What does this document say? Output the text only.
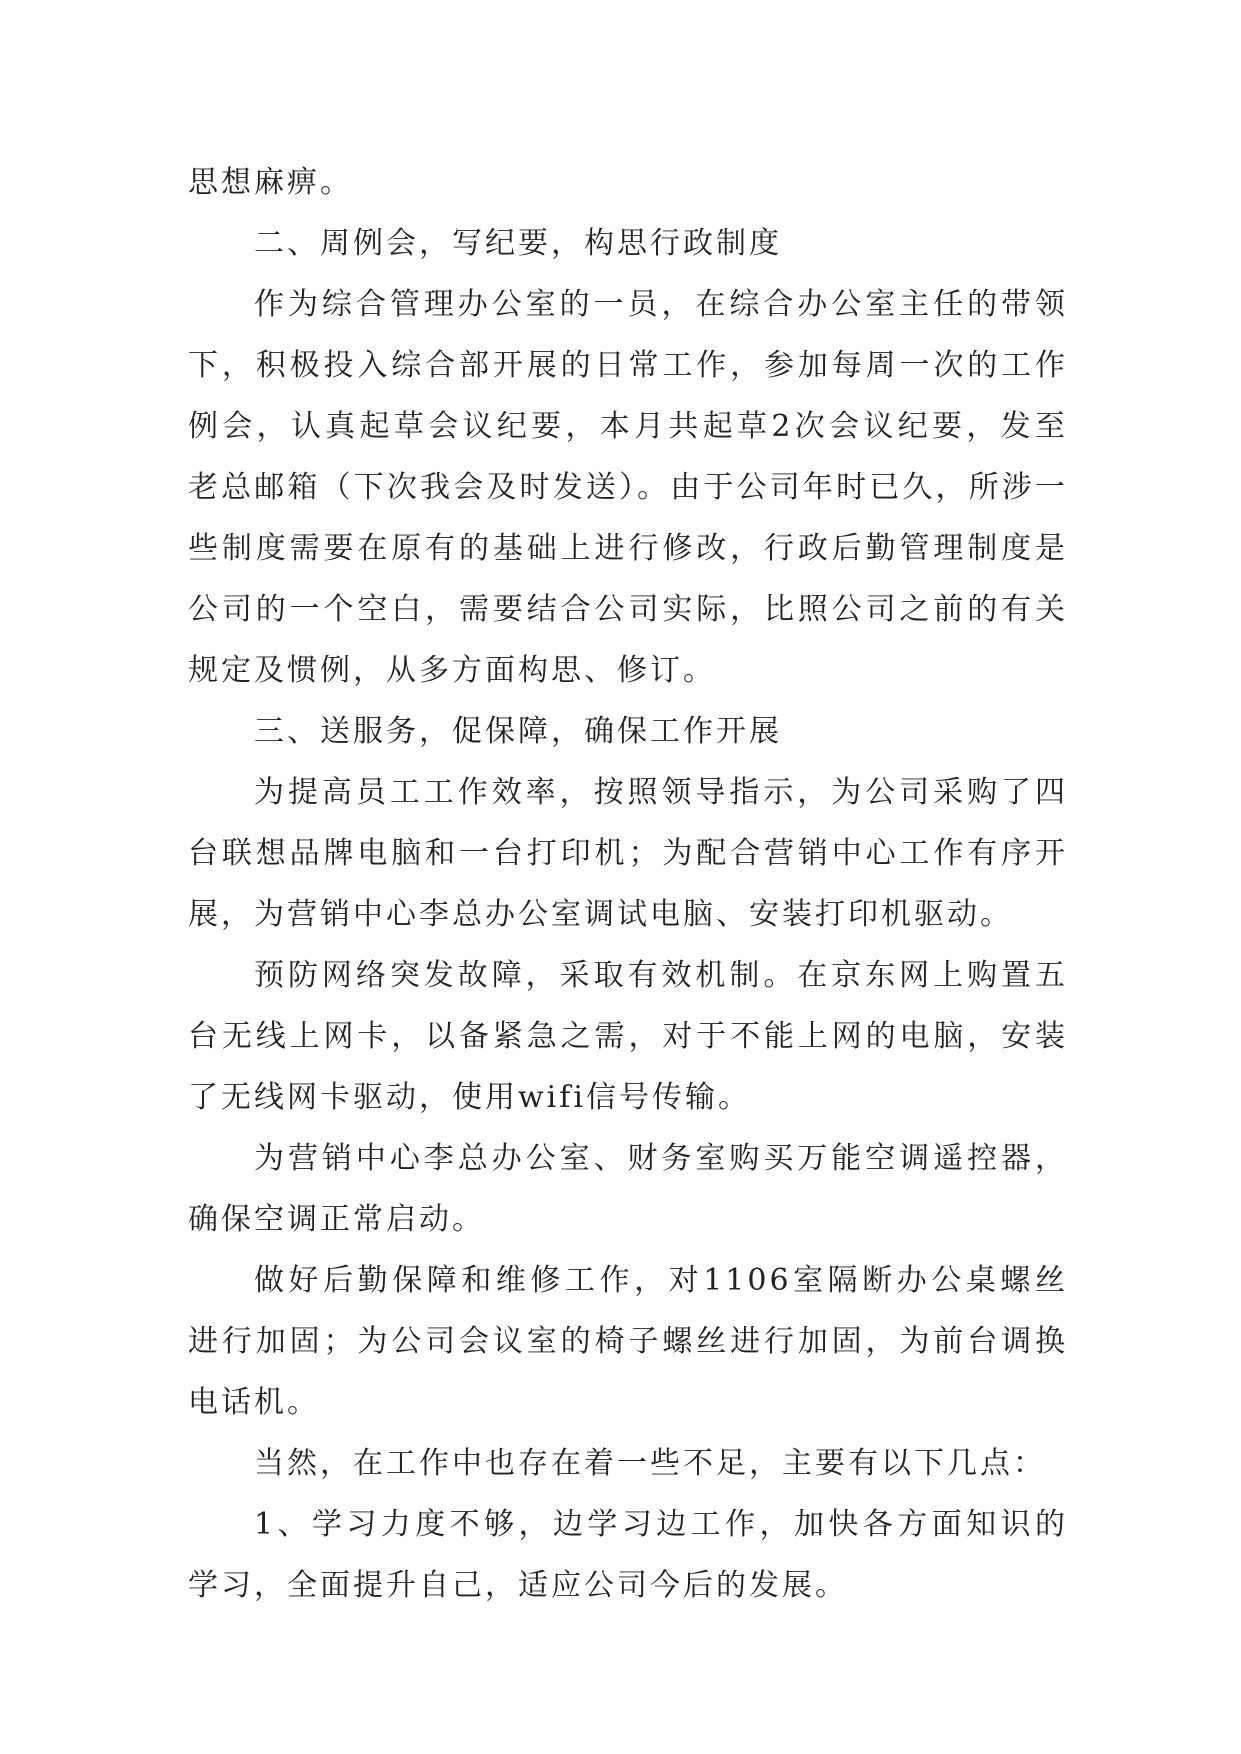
思想麻痹。

二、周例会，写纪要，构思行政制度

作为综合管理办公室的一员，在综合办公室主任的带领下，积极投入综合部开展的日常工作，参加每周一次的工作例会，认真起草会议纪要，本月共起草2次会议纪要，发至老总邮箱（下次我会及时发送）。由于公司年时已久，所涉一些制度需要在原有的基础上进行修改，行政后勤管理制度是公司的一个空白，需要结合公司实际，比照公司之前的有关规定及惯例，从多方面构思、修订。

三、送服务，促保障，确保工作开展

为提高员工工作效率，按照领导指示，为公司采购了四台联想品牌电脑和一台打印机；为配合营销中心工作有序开展，为营销中心李总办公室调试电脑、安装打印机驱动。

预防网络突发故障，采取有效机制。在京东网上购置五台无线上网卡，以备紧急之需，对于不能上网的电脑，安装了无线网卡驱动，使用wifi信号传输。

为营销中心李总办公室、财务室购买万能空调遥控器，确保空调正常启动。

做好后勤保障和维修工作，对1106室隔断办公桌螺丝进行加固；为公司会议室的椅子螺丝进行加固，为前台调换电话机。

当然，在工作中也存在着一些不足，主要有以下几点：

1、学习力度不够，边学习边工作，加快各方面知识的学习，全面提升自己，适应公司今后的发展。
